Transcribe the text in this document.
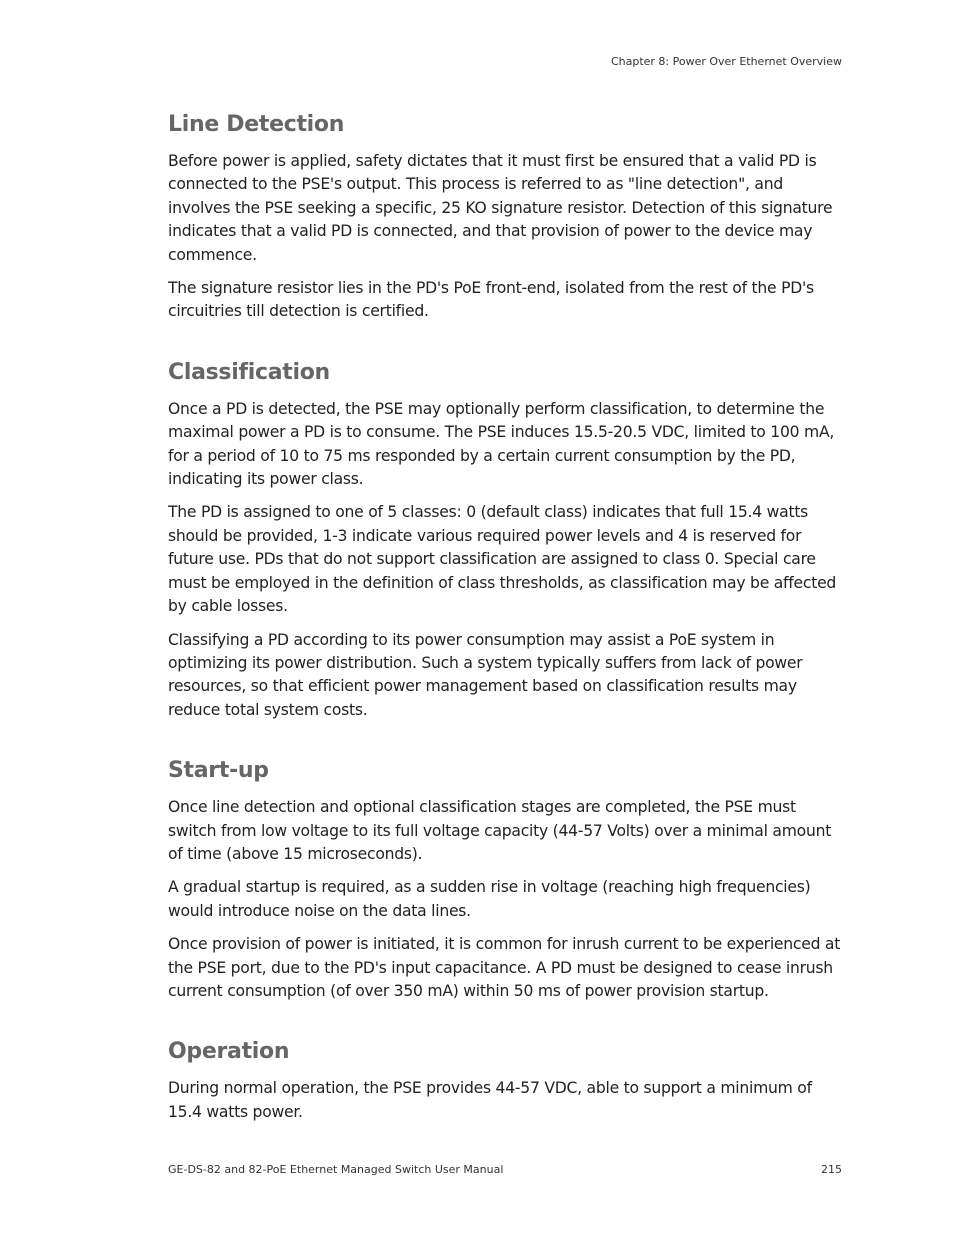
Chapter 8: Power Over Ethernet Overview
Line Detection

Before power is applied, safety dictates that it must first be ensured that a valid PD is connected to the PSE's output. This process is referred to as "line detection", and involves the PSE seeking a specific, 25 KO signature resistor. Detection of this signature indicates that a valid PD is connected, and that provision of power to the device may commence.

The signature resistor lies in the PD's PoE front-end, isolated from the rest of the PD's circuitries till detection is certified.

Classification

Once a PD is detected, the PSE may optionally perform classification, to determine the maximal power a PD is to consume. The PSE induces 15.5-20.5 VDC, limited to 100 mA, for a period of 10 to 75 ms responded by a certain current consumption by the PD, indicating its power class.

The PD is assigned to one of 5 classes: 0 (default class) indicates that full 15.4 watts should be provided, 1-3 indicate various required power levels and 4 is reserved for future use. PDs that do not support classification are assigned to class 0. Special care must be employed in the definition of class thresholds, as classification may be affected by cable losses.

Classifying a PD according to its power consumption may assist a PoE system in optimizing its power distribution. Such a system typically suffers from lack of power resources, so that efficient power management based on classification results may reduce total system costs.

Start-up

Once line detection and optional classification stages are completed, the PSE must switch from low voltage to its full voltage capacity (44-57 Volts) over a minimal amount of time (above 15 microseconds).

A gradual startup is required, as a sudden rise in voltage (reaching high frequencies) would introduce noise on the data lines.

Once provision of power is initiated, it is common for inrush current to be experienced at the PSE port, due to the PD's input capacitance. A PD must be designed to cease inrush current consumption (of over 350 mA) within 50 ms of power provision startup.

Operation

During normal operation, the PSE provides 44-57 VDC, able to support a minimum of 15.4 watts power.

GE-DS-82 and 82-PoE Ethernet Managed Switch User Manual	215
